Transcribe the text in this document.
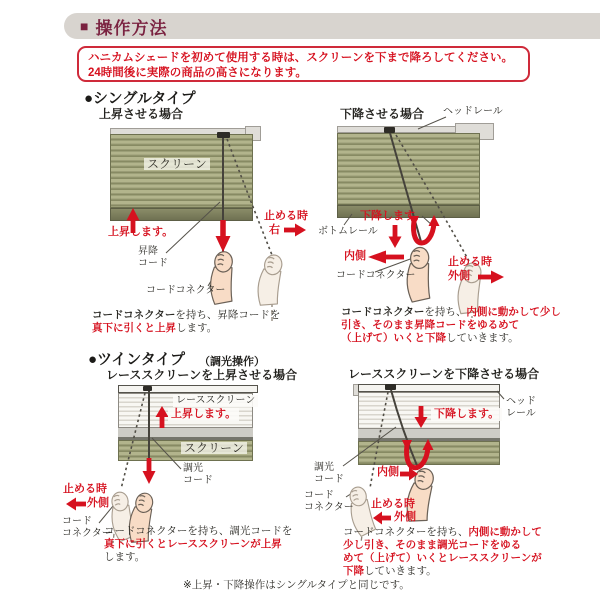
■ 操作方法
ハニカムシェードを初めて使用する時は、スクリーンを下まで降ろしてください。
24時間後に実際の商品の高さになります。
●シングルタイプ
●ツインタイプ （調光操作）
上昇させる場合
スクリーン
上昇します。
止める時
右
昇降
コード
コードコネクター
コードコネクターを持ち、昇降コードを
真下に引くと上昇します。
下降させる場合 ヘッドレール
ボトムレール
下降します。
内側
コードコネクター
止める時
外側
コードコネクターを持ち、内側に動かして少し
引き、そのまま昇降コードをゆるめて
（上げて）いくと下降していきます。
レーススクリーンを上昇させる場合
レーススクリーン
上昇します。
スクリーン
調光
コード
止める時
外側
コード
コネクター
コードコネクターを持ち、調光コードを
真下に引くとレーススクリーンが上昇
します。
レーススクリーンを下降させる場合
ヘッド
レール
下降します。
内側
調光
コード
コード
コネクター 止める時
外側
コードコネクターを持ち、内側に動かして
少し引き、そのまま調光コードをゆる
めて（上げて）いくとレーススクリーンが
下降していきます。
※上昇・下降操作はシングルタイプと同じです。
